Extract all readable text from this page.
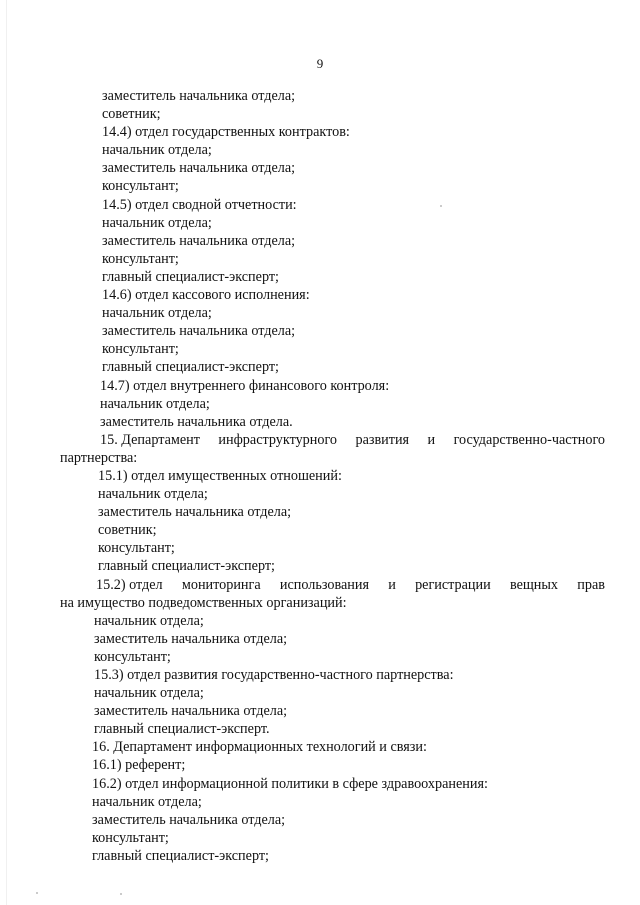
9
заместитель начальника отдела;
советник;
14.4) отдел государственных контрактов:
начальник отдела;
заместитель начальника отдела;
консультант;
14.5) отдел сводной отчетности:
начальник отдела;
заместитель начальника отдела;
консультант;
главный специалист-эксперт;
14.6) отдел кассового исполнения:
начальник отдела;
заместитель начальника отдела;
консультант;
главный специалист-эксперт;
14.7) отдел внутреннего финансового контроля:
начальник отдела;
заместитель начальника отдела.
15. Департамент инфраструктурного развития и государственно-частного
партнерства:
15.1) отдел имущественных отношений:
начальник отдела;
заместитель начальника отдела;
советник;
консультант;
главный специалист-эксперт;
15.2) отдел мониторинга использования и регистрации вещных прав
на имущество подведомственных организаций:
начальник отдела;
заместитель начальника отдела;
консультант;
15.3) отдел развития государственно-частного партнерства:
начальник отдела;
заместитель начальника отдела;
главный специалист-эксперт.
16. Департамент информационных технологий и связи:
16.1) референт;
16.2) отдел информационной политики в сфере здравоохранения:
начальник отдела;
заместитель начальника отдела;
консультант;
главный специалист-эксперт;
